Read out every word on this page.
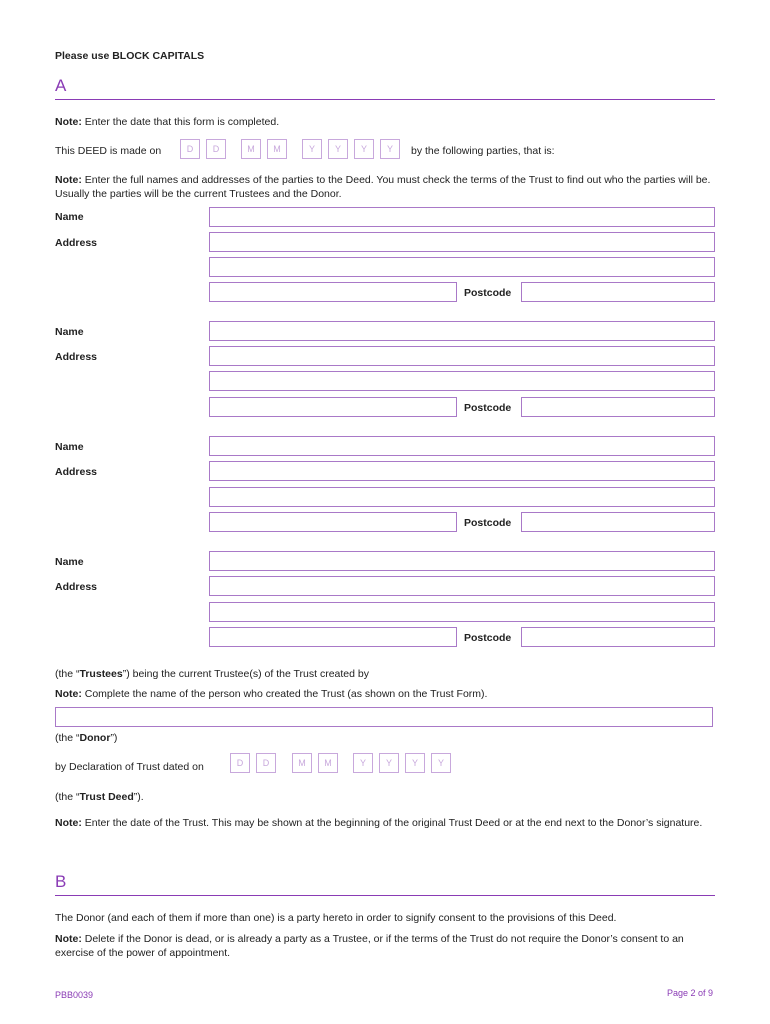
Please use BLOCK CAPITALS
A
Note: Enter the date that this form is completed.
This DEED is made on	D	D	M	M	Y	Y	Y	Y	by the following parties, that is:
Note: Enter the full names and addresses of the parties to the Deed. You must check the terms of the Trust to find out who the parties will be. Usually the parties will be the current Trustees and the Donor.
Name
Address
Postcode
Name
Address
Postcode
Name
Address
Postcode
Name
Address
Postcode
(the “Trustees”) being the current Trustee(s) of the Trust created by
Note: Complete the name of the person who created the Trust (as shown on the Trust Form).
(the “Donor”)
by Declaration of Trust dated on	D	D	M	M	Y	Y	Y	Y
(the “Trust Deed”).
Note: Enter the date of the Trust. This may be shown at the beginning of the original Trust Deed or at the end next to the Donor’s signature.
B
The Donor (and each of them if more than one) is a party hereto in order to signify consent to the provisions of this Deed.
Note: Delete if the Donor is dead, or is already a party as a Trustee, or if the terms of the Trust do not require the Donor’s consent to an exercise of the power of appointment.
PBB0039	Page 2 of 9
